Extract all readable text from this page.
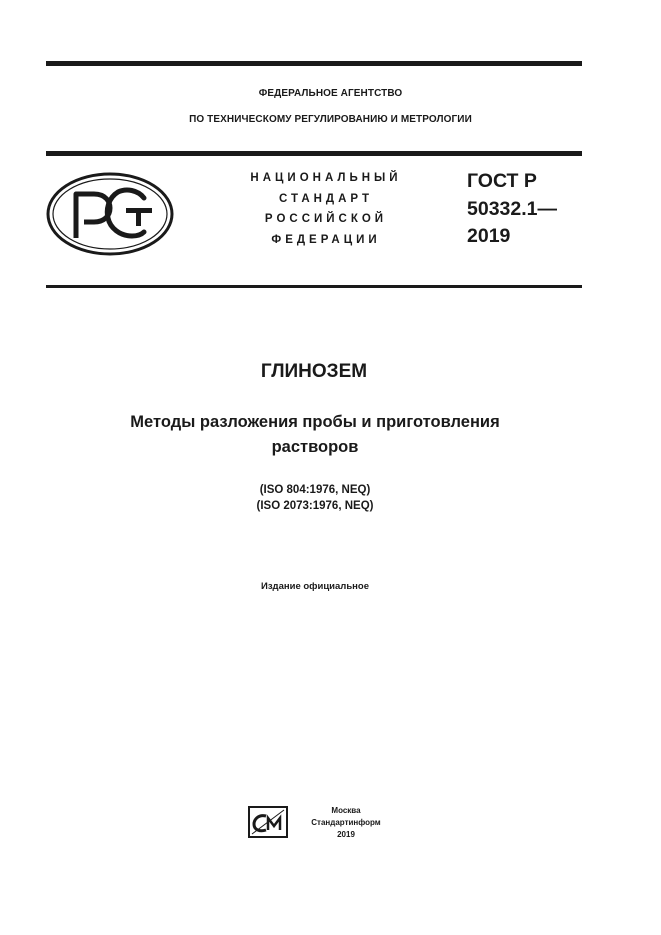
ФЕДЕРАЛЬНОЕ АГЕНТСТВО
ПО ТЕХНИЧЕСКОМУ РЕГУЛИРОВАНИЮ И МЕТРОЛОГИИ
НАЦИОНАЛЬНЫЙ
СТАНДАРТ
РОССИЙСКОЙ
ФЕДЕРАЦИИ
ГОСТ Р
50332.1—
2019
ГЛИНОЗЕМ
Методы разложения пробы и приготовления
растворов
(ISO 804:1976, NEQ)
(ISO 2073:1976, NEQ)
Издание официальное
Москва
Стандартинформ
2019
